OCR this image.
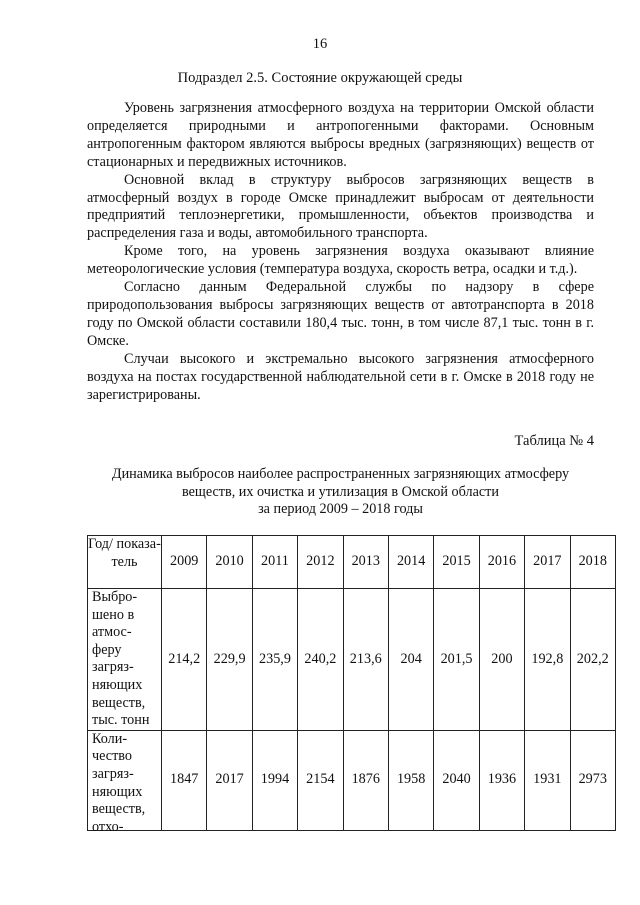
16
Подраздел 2.5. Состояние окружающей среды

Уровень загрязнения атмосферного воздуха на территории Омской области определяется природными и антропогенными факторами. Основным антропогенным фактором являются выбросы вредных (загрязняющих) веществ от стационарных и передвижных источников.

Основной вклад в структуру выбросов загрязняющих веществ в атмосферный воздух в городе Омске принадлежит выбросам от деятельности предприятий теплоэнергетики, промышленности, объектов производства и распределения газа и воды, автомобильного транспорта.

Кроме того, на уровень загрязнения воздуха оказывают влияние метеорологические условия (температура воздуха, скорость ветра, осадки и т.д.).

Согласно данным Федеральной службы по надзору в сфере природопользования выбросы загрязняющих веществ от автотранспорта в 2018 году по Омской области составили 180,4 тыс. тонн, в том числе 87,1 тыс. тонн в г. Омске.

Случаи высокого и экстремально высокого загрязнения атмосферного воздуха на постах государственной наблюдательной сети в г. Омске в 2018 году не зарегистрированы.

Таблица № 4
Динамика выбросов наиболее распространенных загрязняющих атмосферу
веществ, их очистка и утилизация в Омской области
за период 2009 – 2018 годы
Год/ показа- тель	2009	2010	2011	2012	2013	2014	2015	2016	2017	2018
Выбро- шено в атмос- феру загряз- няющих веществ, тыс. тонн	214,2	229,9	235,9	240,2	213,6	204	201,5	200	192,8	202,2

Коли- чество загряз- няющих веществ, отхо-	1847	2017	1994	2154	1876	1958	2040	1936	1931	2973
